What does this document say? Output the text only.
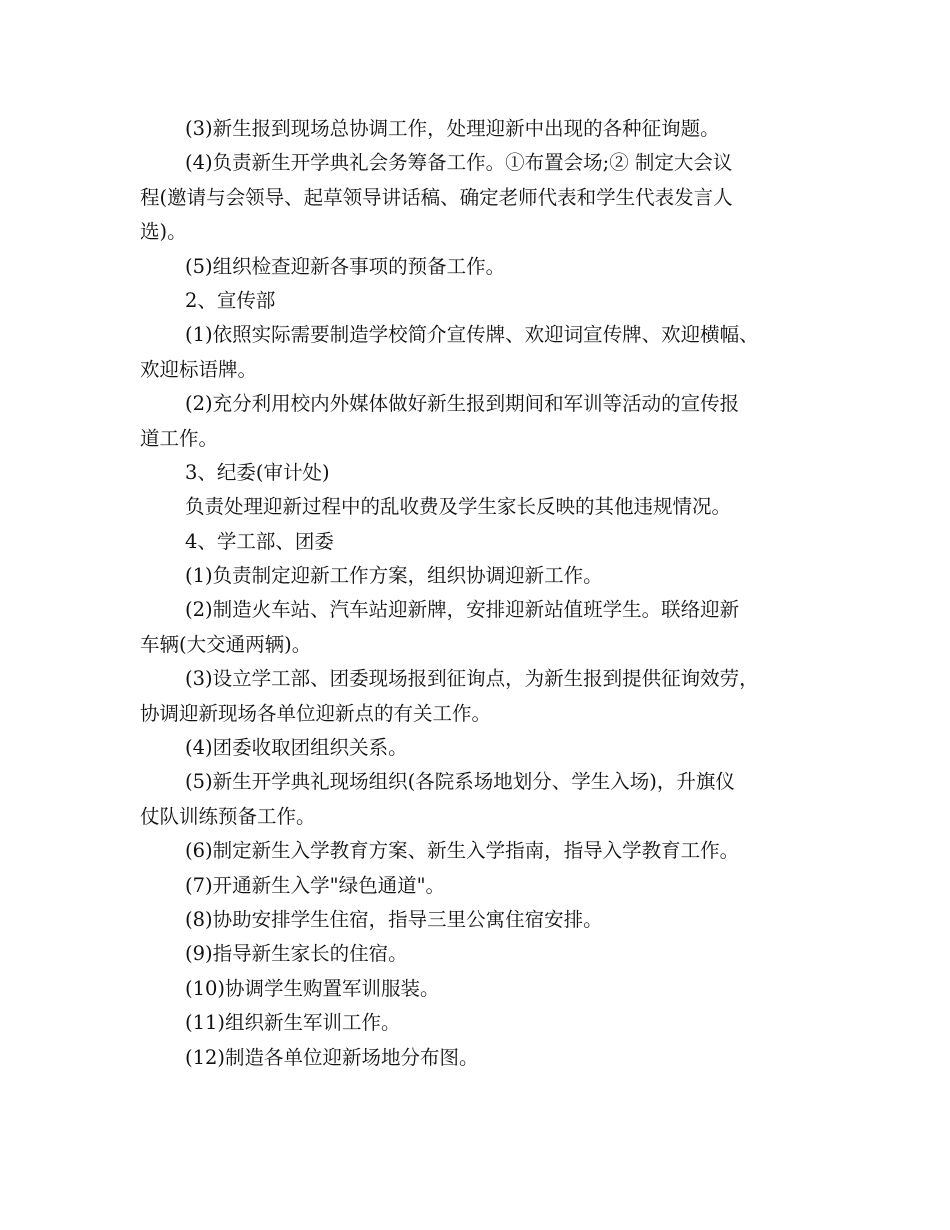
(3)新生报到现场总协调工作，处理迎新中出现的各种征询题。
(4)负责新生开学典礼会务筹备工作。①布置会场;② 制定大会议
程(邀请与会领导、起草领导讲话稿、确定老师代表和学生代表发言人
选)。
(5)组织检查迎新各事项的预备工作。
2、宣传部
(1)依照实际需要制造学校简介宣传牌、欢迎词宣传牌、欢迎横幅、
欢迎标语牌。
(2)充分利用校内外媒体做好新生报到期间和军训等活动的宣传报
道工作。
3、纪委(审计处)
负责处理迎新过程中的乱收费及学生家长反映的其他违规情况。
4、学工部、团委
(1)负责制定迎新工作方案，组织协调迎新工作。
(2)制造火车站、汽车站迎新牌，安排迎新站值班学生。联络迎新
车辆(大交通两辆)。
(3)设立学工部、团委现场报到征询点，为新生报到提供征询效劳，
协调迎新现场各单位迎新点的有关工作。
(4)团委收取团组织关系。
(5)新生开学典礼现场组织(各院系场地划分、学生入场)，升旗仪
仗队训练预备工作。
(6)制定新生入学教育方案、新生入学指南，指导入学教育工作。
(7)开通新生入学"绿色通道"。
(8)协助安排学生住宿，指导三里公寓住宿安排。
(9)指导新生家长的住宿。
(10)协调学生购置军训服装。
(11)组织新生军训工作。
(12)制造各单位迎新场地分布图。
